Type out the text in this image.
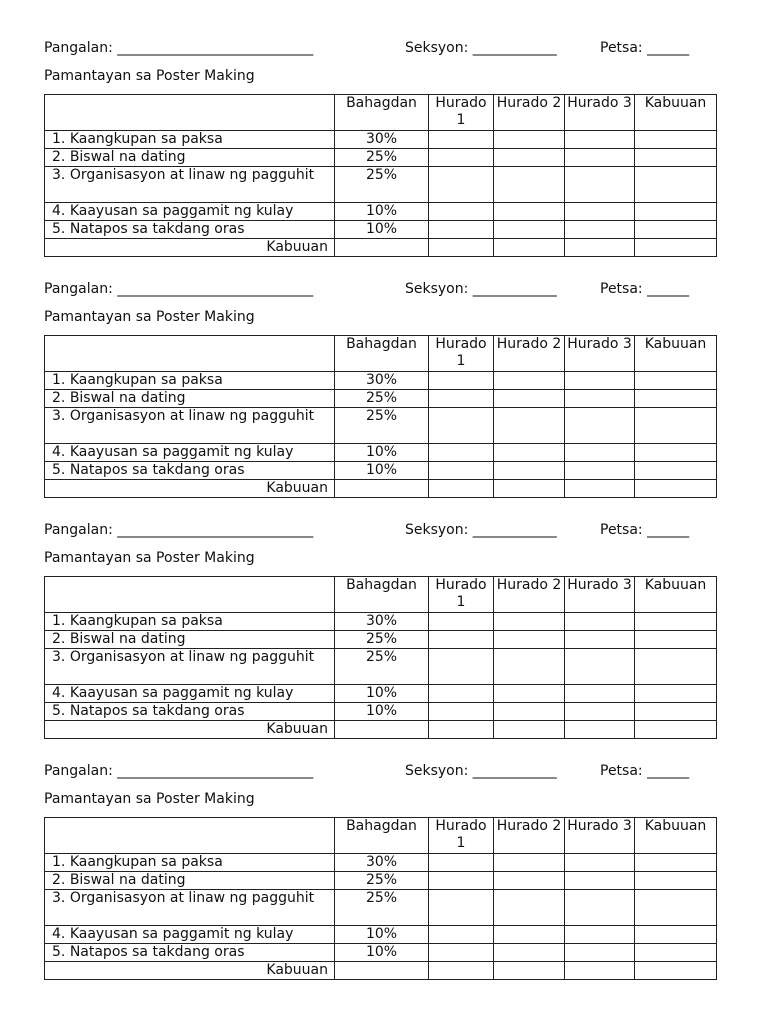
Pangalan: ____________________________	Seksyon: ____________	Petsa: ______
Pamantayan sa Poster Making
	Bahagdan	Hurado 1	Hurado 2	Hurado 3	Kabuuan
1. Kaangkupan sa paksa	30%				
2. Biswal na dating	25%				
3. Organisasyon at linaw ng pagguhit	25%				
4. Kaayusan sa paggamit ng kulay	10%				
5. Natapos sa takdang oras	10%				
Kabuuan					
Pangalan: ____________________________	Seksyon: ____________	Petsa: ______
Pamantayan sa Poster Making
	Bahagdan	Hurado 1	Hurado 2	Hurado 3	Kabuuan
1. Kaangkupan sa paksa	30%				
2. Biswal na dating	25%				
3. Organisasyon at linaw ng pagguhit	25%				
4. Kaayusan sa paggamit ng kulay	10%				
5. Natapos sa takdang oras	10%				
Kabuuan					
Pangalan: ____________________________	Seksyon: ____________	Petsa: ______
Pamantayan sa Poster Making
	Bahagdan	Hurado 1	Hurado 2	Hurado 3	Kabuuan
1. Kaangkupan sa paksa	30%				
2. Biswal na dating	25%				
3. Organisasyon at linaw ng pagguhit	25%				
4. Kaayusan sa paggamit ng kulay	10%				
5. Natapos sa takdang oras	10%				
Kabuuan					
Pangalan: ____________________________	Seksyon: ____________	Petsa: ______
Pamantayan sa Poster Making
	Bahagdan	Hurado 1	Hurado 2	Hurado 3	Kabuuan
1. Kaangkupan sa paksa	30%				
2. Biswal na dating	25%				
3. Organisasyon at linaw ng pagguhit	25%				
4. Kaayusan sa paggamit ng kulay	10%				
5. Natapos sa takdang oras	10%				
Kabuuan					
